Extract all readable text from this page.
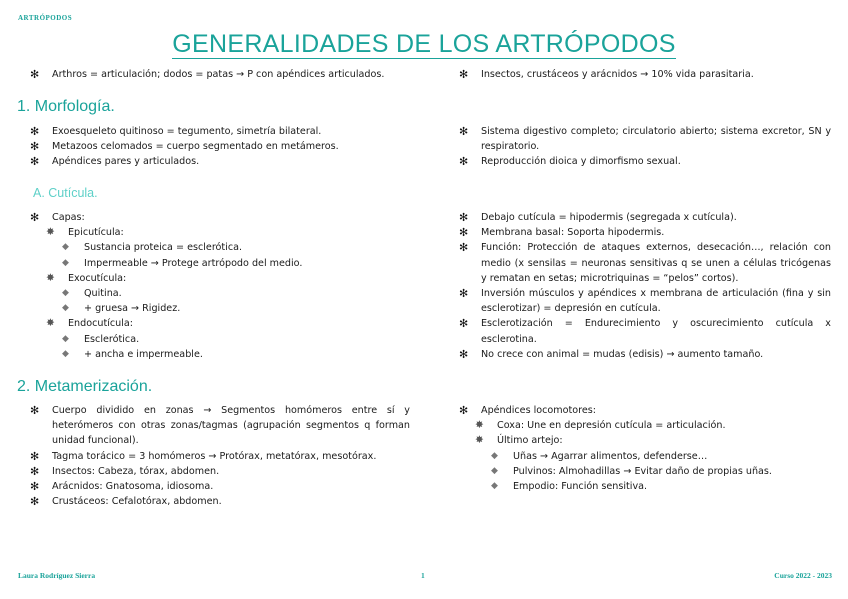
ARTRÓPODOS
GENERALIDADES DE LOS ARTRÓPODOS
✻ Arthros = articulación; dodos = patas → P con apéndices articulados.
✻	Insectos, crustáceos y arácnidos → 10% vida parasitaria.
1. Morfología.
✻ Exoesqueleto quitinoso = tegumento, simetría bilateral.
✻ Metazoos celomados = cuerpo segmentado en metámeros.
✻ Apéndices pares y articulados.
✻ Sistema digestivo completo; circulatorio abierto; sistema excretor, SN y respiratorio.
✻ Reproducción dioica y dimorfismo sexual.
A. Cutícula.
✻ Capas:
✸ Epicutícula:
◆ Sustancia proteica = esclerótica.
◆ Impermeable → Protege artrópodo del medio.
✸ Exocutícula:
◆ Quitina.
◆ + gruesa → Rigidez.
✸ Endocutícula:
◆ Esclerótica.
◆ + ancha e impermeable.
✻ Debajo cutícula = hipodermis (segregada x cutícula).
✻ Membrana basal: Soporta hipodermis.
✻ Función: Protección de ataques externos, desecación…, relación con medio (x sensilas = neuronas sensitivas q se unen a células tricógenas y rematan en setas; microtriquinas = “pelos” cortos).
✻ Inversión músculos y apéndices x membrana de articulación (fina y sin esclerotizar) = depresión en cutícula.
✻ Esclerotización = Endurecimiento y oscurecimiento cutícula x esclerotina.
✻ No crece con animal = mudas (edisis) → aumento tamaño.
2. Metamerización.
✻ Cuerpo dividido en zonas → Segmentos homómeros entre sí y heterómeros con otras zonas/tagmas (agrupación segmentos q forman unidad funcional).
✻ Tagma torácico = 3 homómeros → Protórax, metatórax, mesotórax.
✻ Insectos: Cabeza, tórax, abdomen.
✻ Arácnidos: Gnatosoma, idiosoma.
✻ Crustáceos: Cefalotórax, abdomen.
✻ Apéndices locomotores:
✸ Coxa: Une en depresión cutícula = articulación.
✸ Último artejo:
◆ Uñas → Agarrar alimentos, defenderse…
◆ Pulvinos: Almohadillas → Evitar daño de propias uñas.
◆ Empodio: Función sensitiva.
Laura Rodríguez Sierra	1	Curso 2022 - 2023
